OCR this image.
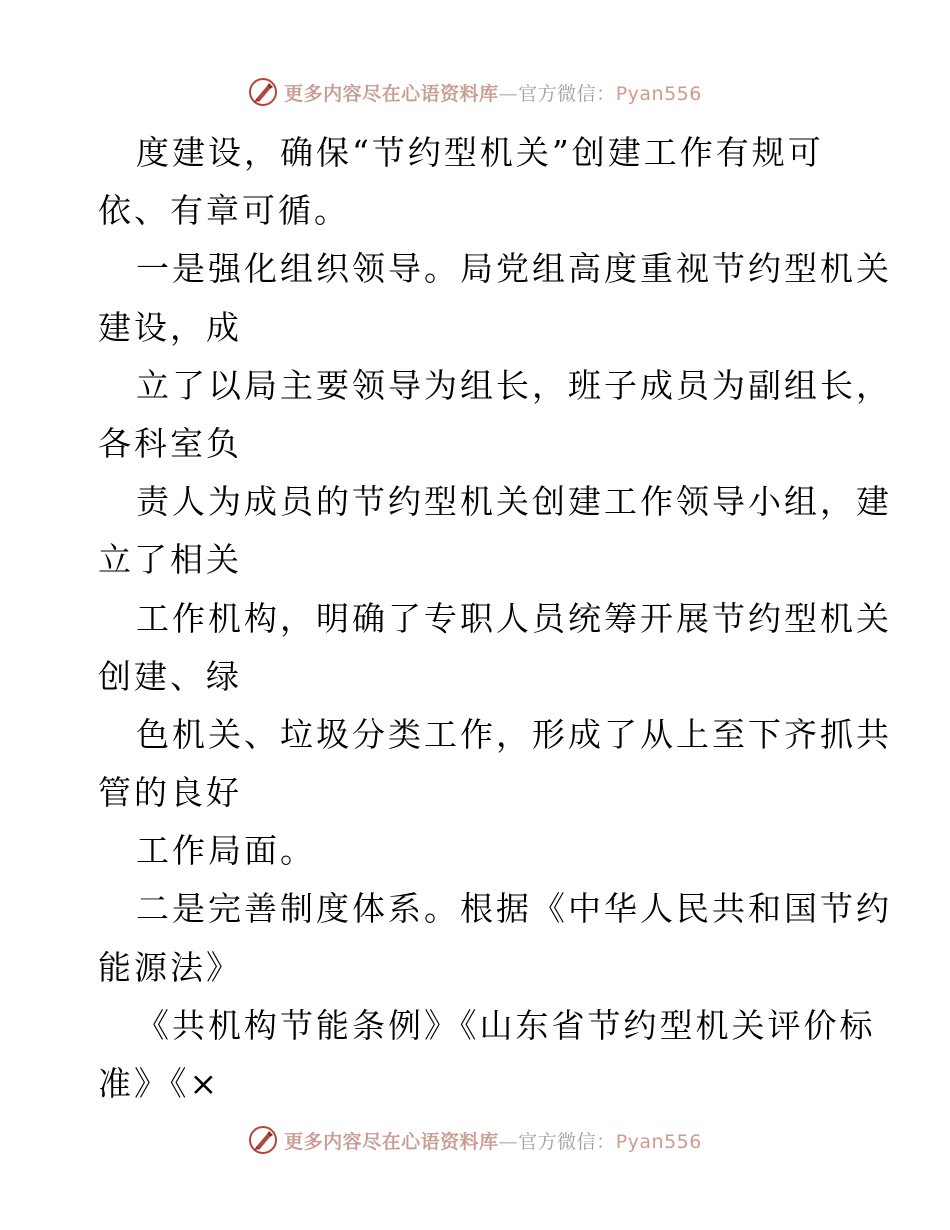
更多内容尽在心语资料库—官方微信：Pyan556
度建设，确保“节约型机关”创建工作有规可
依、有章可循。
一是强化组织领导。局党组高度重视节约型机关
建设，成
立了以局主要领导为组长，班子成员为副组长，
各科室负
责人为成员的节约型机关创建工作领导小组，建
立了相关
工作机构，明确了专职人员统筹开展节约型机关
创建、绿
色机关、垃圾分类工作，形成了从上至下齐抓共
管的良好
工作局面。
二是完善制度体系。根据《中华人民共和国节约
能源法》
《共机构节能条例》《山东省节约型机关评价标
准》《×
更多内容尽在心语资料库—官方微信：Pyan556
